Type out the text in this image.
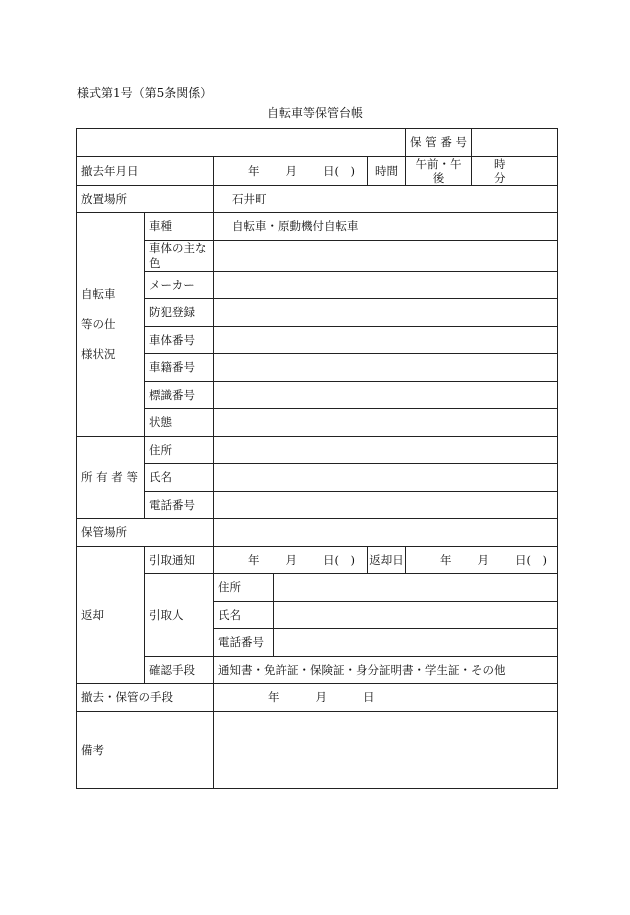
様式第1号（第5条関係）
自転車等保管台帳
					保 管 番 号	
撤去年月日		年 月 日(　)		時間	午前・午後	時分
放置場所		石井町				

自転車
等の仕
様状況	車種	自転車・原動機付自転車				
	車体の主な色					
	メーカー					
	防犯登録					
	車体番号					
	車籍番号					
	標識番号					
	状態					
所 有 者 等	住所					
	氏名					
	電話番号					
保管場所						
返却	引取通知	年 月 日(　)		返却日	年 月 日(　)	
	引取人	住所				
		氏名				
		電話番号				
	確認手段	通知書・免許証・保険証・身分証明書・学生証・その他				
撤去・保管の手段		年 月 日				
備考						
